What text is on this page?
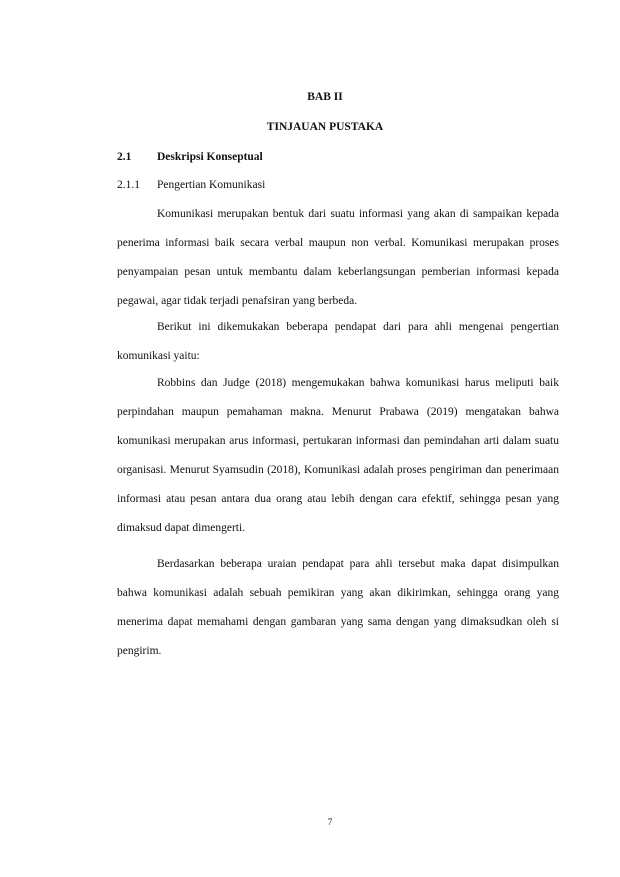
BAB II
TINJAUAN PUSTAKA
2.1 Deskripsi Konseptual
2.1.1 Pengertian Komunikasi

Komunikasi merupakan bentuk dari suatu informasi yang akan di sampaikan kepada penerima informasi baik secara verbal maupun non verbal. Komunikasi merupakan proses penyampaian pesan untuk membantu dalam keberlangsungan pemberian informasi kepada pegawai, agar tidak terjadi penafsiran yang berbeda.

Berikut ini dikemukakan beberapa pendapat dari para ahli mengenai pengertian komunikasi yaitu:

Robbins dan Judge (2018) mengemukakan bahwa komunikasi harus meliputi baik perpindahan maupun pemahaman makna. Menurut Prabawa (2019) mengatakan bahwa komunikasi merupakan arus informasi, pertukaran informasi dan pemindahan arti dalam suatu organisasi. Menurut Syamsudin (2018), Komunikasi adalah proses pengiriman dan penerimaan informasi atau pesan antara dua orang atau lebih dengan cara efektif, sehingga pesan yang dimaksud dapat dimengerti.

Berdasarkan beberapa uraian pendapat para ahli tersebut maka dapat disimpulkan bahwa komunikasi adalah sebuah pemikiran yang akan dikirimkan, sehingga orang yang menerima dapat memahami dengan gambaran yang sama dengan yang dimaksudkan oleh si pengirim.

7
